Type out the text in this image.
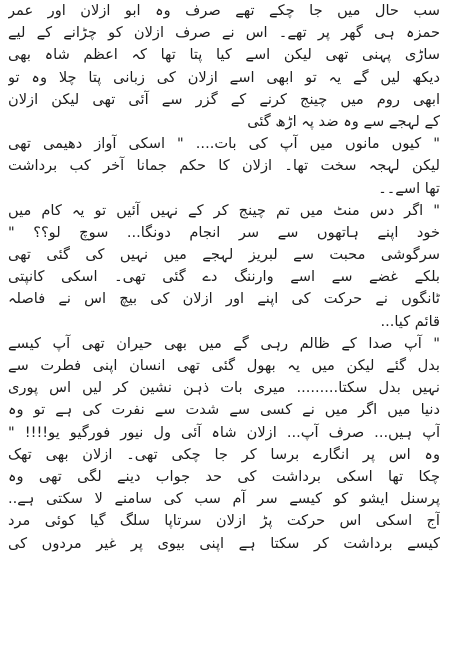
سب حال میں جا چکے تھے صرف وہ ابو ازلان اور عمر
حمزہ ہی گھر پر تھے۔ اس نے صرف ازلان کو چڑانے کے لیے
ساڑی پہنی تھی لیکن اسے کیا پتا تھا کہ اعظم شاہ بھی
دیکھ لیں گے یہ تو ابھی اسے ازلان کی زبانی پتا چلا وہ تو
ابھی روم میں چینج کرنے کے گزر سے آئی تھی لیکن ازلان
کے لہجے سے وہ ضد پہ اڑھ گئی
" کیوں مانوں میں آپ کی بات.... " اسکی آواز دھیمی تھی
لیکن لہجہ سخت تھا۔ ازلان کا حکم جمانا آخر کب برداشت
تھا اسے۔۔
" اگر دس منٹ میں تم چینج کر کے نہیں آئیں تو یہ کام میں
خود اپنے ہاتھوں سے سر انجام دونگا... سوچ لو؟؟ "
سرگوشی محبت سے لبریز لہجے میں نہیں کی گئی تھی
بلکے غضے سے اسے وارننگ دے گئی تھی۔ اسکی کانپتی
ٹانگوں نے حرکت کی اپنے اور ازلان کی بیچ اس نے فاصلہ
قائم کیا...
" آپ صدا کے ظالم رہی گے میں بھی حیران تھی آپ کیسے
بدل گئے لیکن میں یہ بھول گئی تھی انسان اپنی فطرت سے
نہیں بدل سکتا......... میری بات ذہن نشین کر لیں اس پوری
دنیا میں اگر میں نے کسی سے شدت سے نفرت کی ہے تو وہ
آپ ہیں... صرف آپ... ازلان شاہ آئی ول نیور فورگیو یو!!!! "
وہ اس پر انگارے برسا کر جا چکی تھی۔ ازلان بھی تھک
چکا تھا اسکی برداشت کی حد جواب دینے لگی تھی وہ
پرسنل ایشو کو کیسے سر آم سب کی سامنے لا سکتی ہے..
آج اسکی اس حرکت پڑ ازلان سرتاپا سلگ گیا کوئی مرد
کیسے برداشت کر سکتا ہے اپنی بیوی پر غیر مردوں کی
